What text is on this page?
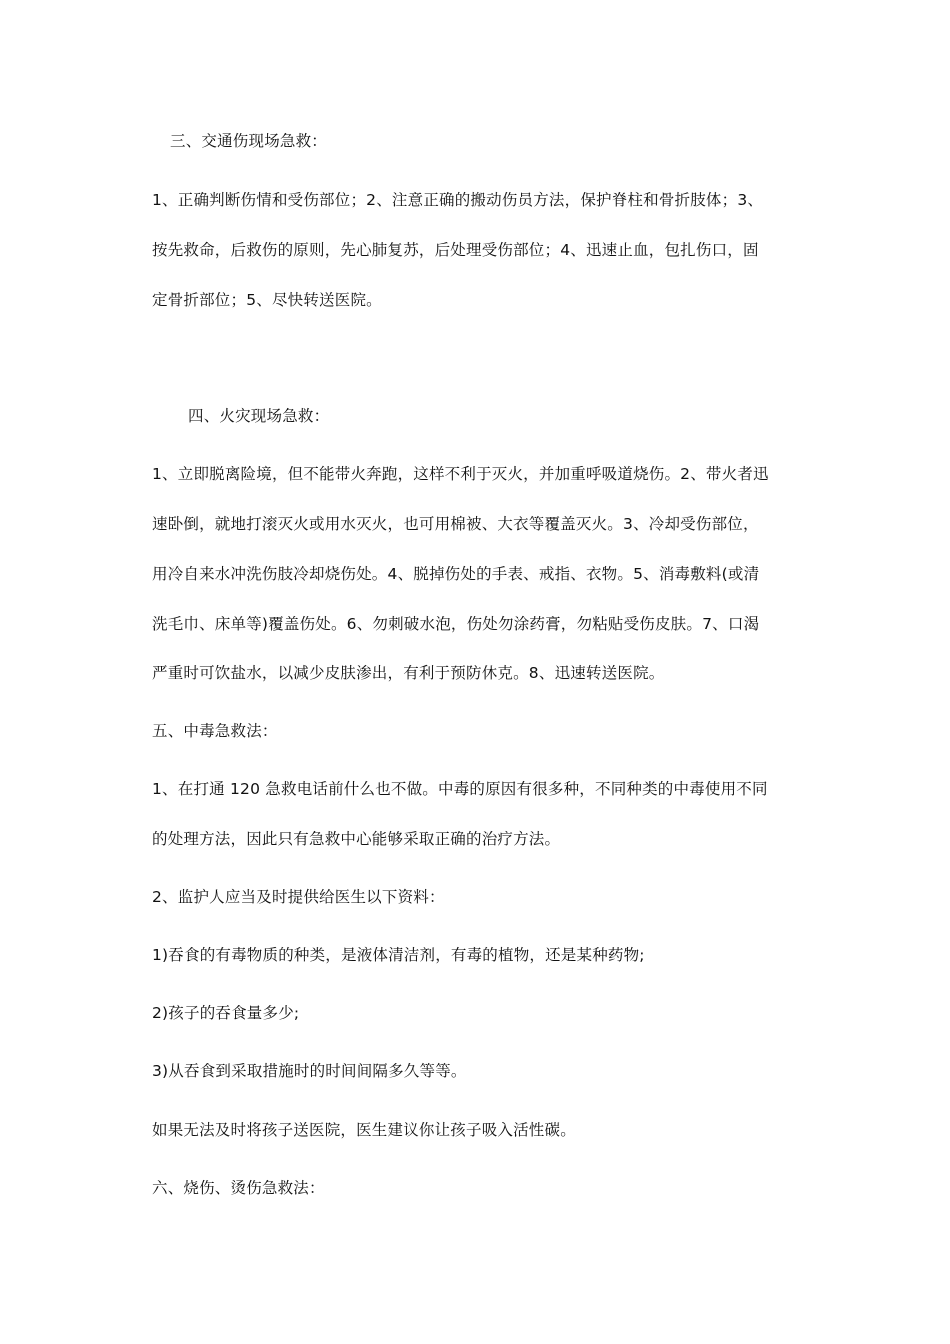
三、交通伤现场急救：
1、正确判断伤情和受伤部位；2、注意正确的搬动伤员方法，保护脊柱和骨折肢体；3、
按先救命，后救伤的原则，先心肺复苏，后处理受伤部位；4、迅速止血，包扎伤口，固
定骨折部位；5、尽快转送医院。
四、火灾现场急救：
1、立即脱离险境，但不能带火奔跑，这样不利于灭火，并加重呼吸道烧伤。2、带火者迅
速卧倒，就地打滚灭火或用水灭火，也可用棉被、大衣等覆盖灭火。3、冷却受伤部位，
用冷自来水冲洗伤肢冷却烧伤处。4、脱掉伤处的手表、戒指、衣物。5、消毒敷料(或清
洗毛巾、床单等)覆盖伤处。6、勿刺破水泡，伤处勿涂药膏，勿粘贴受伤皮肤。7、口渴
严重时可饮盐水，以减少皮肤渗出，有利于预防休克。8、迅速转送医院。
五、中毒急救法：
1、在打通 120 急救电话前什么也不做。中毒的原因有很多种，不同种类的中毒使用不同
的处理方法，因此只有急救中心能够采取正确的治疗方法。
2、监护人应当及时提供给医生以下资料：
1)吞食的有毒物质的种类，是液体清洁剂，有毒的植物，还是某种药物;
2)孩子的吞食量多少;
3)从吞食到采取措施时的时间间隔多久等等。
如果无法及时将孩子送医院，医生建议你让孩子吸入活性碳。
六、烧伤、烫伤急救法：
